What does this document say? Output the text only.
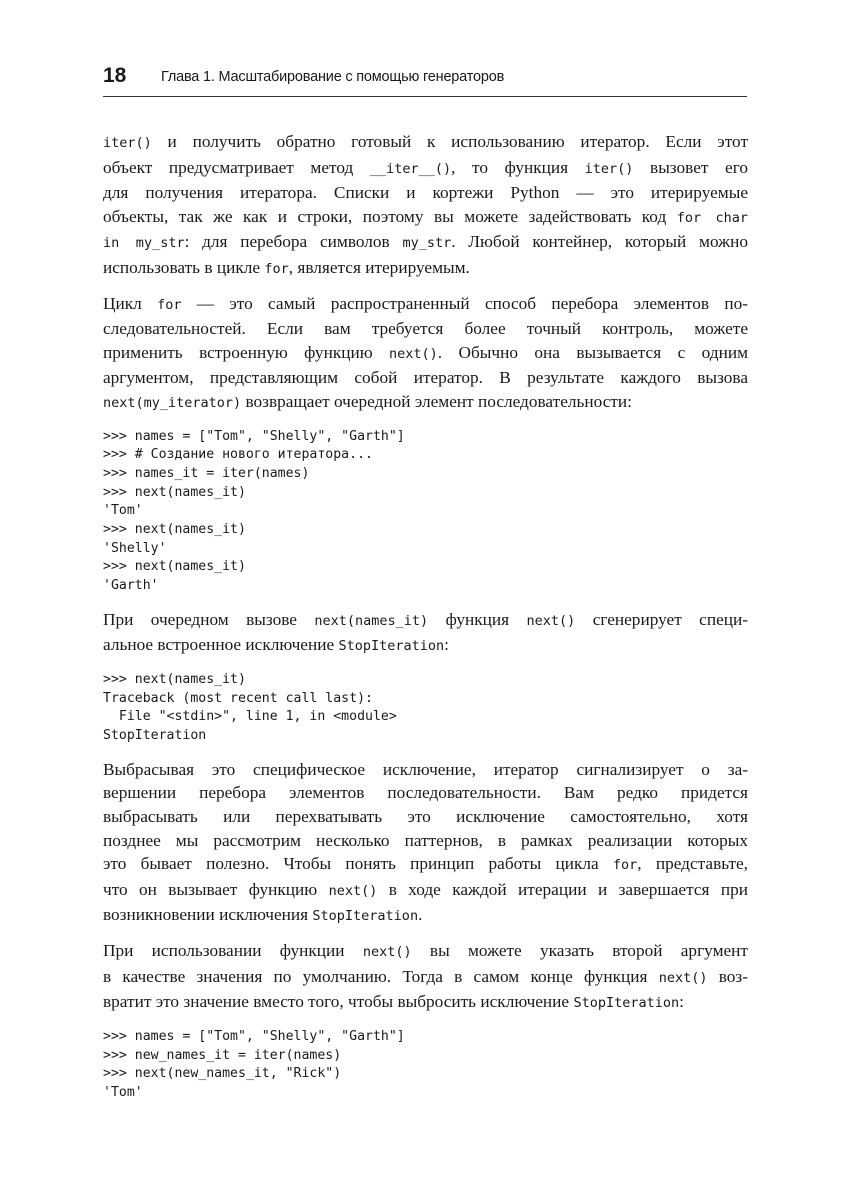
18 Глава 1. Масштабирование с помощью генераторов

iter() и получить обратно готовый к использованию итератор. Если этот
объект предусматривает метод __iter__(), то функция iter() вызовет его
для получения итератора. Списки и кортежи Python — это итерируемые
объекты, так же как и строки, поэтому вы можете задействовать код for char
in my_str: для перебора символов my_str. Любой контейнер, который можно
использовать в цикле for, является итерируемым.

Цикл for — это самый распространенный способ перебора элементов по-
следовательностей. Если вам требуется более точный контроль, можете
применить встроенную функцию next(). Обычно она вызывается с одним
аргументом, представляющим собой итератор. В результате каждого вызова
next(my_iterator) возвращает очередной элемент последовательности:

>>> names = ["Tom", "Shelly", "Garth"]
>>> # Создание нового итератора...
>>> names_it = iter(names)
>>> next(names_it)
'Tom'
>>> next(names_it)
'Shelly'
>>> next(names_it)
'Garth'

При очередном вызове next(names_it) функция next() сгенерирует специ-
альное встроенное исключение StopIteration:

>>> next(names_it)
Traceback (most recent call last):
File "<stdin>", line 1, in <module>
StopIteration

Выбрасывая это специфическое исключение, итератор сигнализирует о за-
вершении перебора элементов последовательности. Вам редко придется
выбрасывать или перехватывать это исключение самостоятельно, хотя
позднее мы рассмотрим несколько паттернов, в рамках реализации которых
это бывает полезно. Чтобы понять принцип работы цикла for, представьте,
что он вызывает функцию next() в ходе каждой итерации и завершается при
возникновении исключения StopIteration.

При использовании функции next() вы можете указать второй аргумент
в качестве значения по умолчанию. Тогда в самом конце функция next() воз-
вратит это значение вместо того, чтобы выбросить исключение StopIteration:

>>> names = ["Tom", "Shelly", "Garth"]
>>> new_names_it = iter(names)
>>> next(new_names_it, "Rick")
'Tom'
